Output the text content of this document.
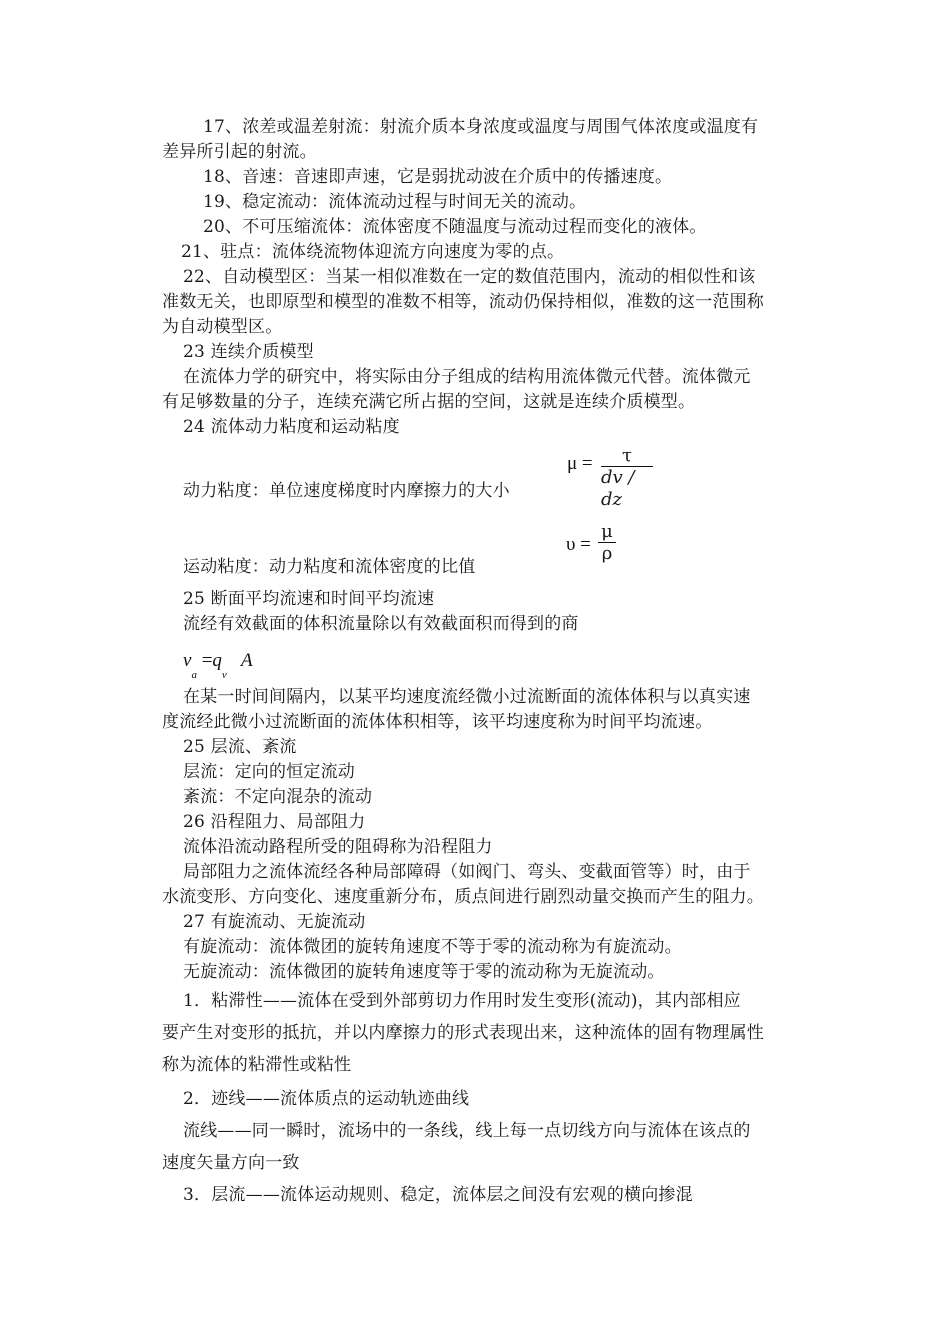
17、浓差或温差射流：射流介质本身浓度或温度与周围气体浓度或温度有
差异所引起的射流。
18、音速：音速即声速，它是弱扰动波在介质中的传播速度。
19、稳定流动：流体流动过程与时间无关的流动。
20、不可压缩流体：流体密度不随温度与流动过程而变化的液体。
21、驻点：流体绕流物体迎流方向速度为零的点。
22、自动模型区：当某一相似准数在一定的数值范围内，流动的相似性和该
准数无关，也即原型和模型的准数不相等，流动仍保持相似，准数的这一范围称
为自动模型区。
23 连续介质模型
在流体力学的研究中，将实际由分子组成的结构用流体微元代替。流体微元
有足够数量的分子，连续充满它所占据的空间，这就是连续介质模型。
24 流体动力粘度和运动粘度
动力粘度：单位速度梯度时内摩擦力的大小
μ = τ
dv / dz
运动粘度：动力粘度和流体密度的比值
υ =
μ
ρ
25 断面平均流速和时间平均流速
流经有效截面的体积流量除以有效截面积而得到的商
$v_a =q_v$   A
在某一时间间隔内，以某平均速度流经微小过流断面的流体体积与以真实速
度流经此微小过流断面的流体体积相等，该平均速度称为时间平均流速。
25 层流、紊流
层流：定向的恒定流动
紊流：不定向混杂的流动
26 沿程阻力、局部阻力
流体沿流动路程所受的阻碍称为沿程阻力
局部阻力之流体流经各种局部障碍（如阀门、弯头、变截面管等）时，由于
水流变形、方向变化、速度重新分布，质点间进行剧烈动量交换而产生的阻力。
27 有旋流动、无旋流动
有旋流动：流体微团的旋转角速度不等于零的流动称为有旋流动。
无旋流动：流体微团的旋转角速度等于零的流动称为无旋流动。
1．粘滞性——流体在受到外部剪切力作用时发生变形(流动)，其内部相应
要产生对变形的抵抗，并以内摩擦力的形式表现出来，这种流体的固有物理属性
称为流体的粘滞性或粘性
2．迹线——流体质点的运动轨迹曲线
流线——同一瞬时，流场中的一条线，线上每一点切线方向与流体在该点的
速度矢量方向一致
3．层流——流体运动规则、稳定，流体层之间没有宏观的横向掺混
